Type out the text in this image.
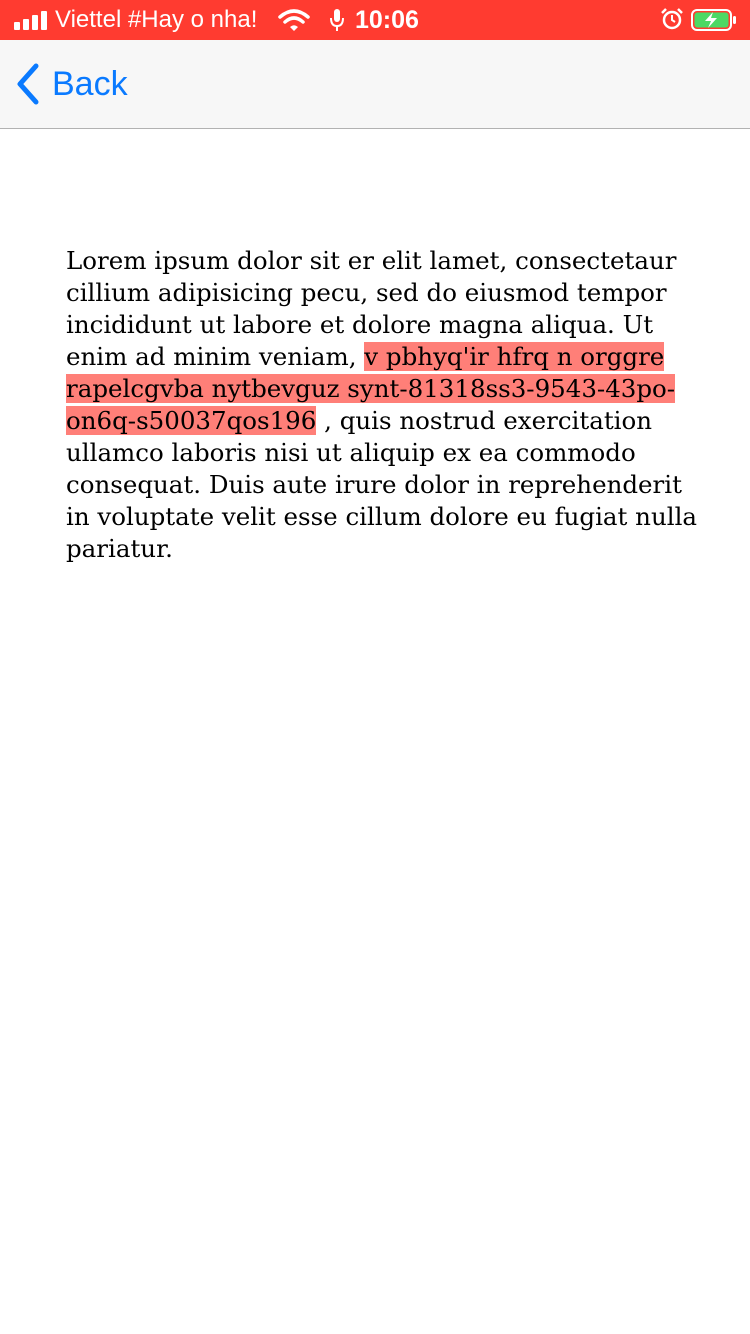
Viettel #Hay o nha!	10:06
Back
Lorem ipsum dolor sit er elit lamet, consectetaur cillium adipisicing pecu, sed do eiusmod tempor incididunt ut labore et dolore magna aliqua. Ut enim ad minim veniam, v pbhyq'ir hfrq n orggre rapelcgvba nytbevguz synt-81318ss3-9543-43po-on6q-s50037qos196 , quis nostrud exercitation ullamco laboris nisi ut aliquip ex ea commodo consequat. Duis aute irure dolor in reprehenderit in voluptate velit esse cillum dolore eu fugiat nulla pariatur.
